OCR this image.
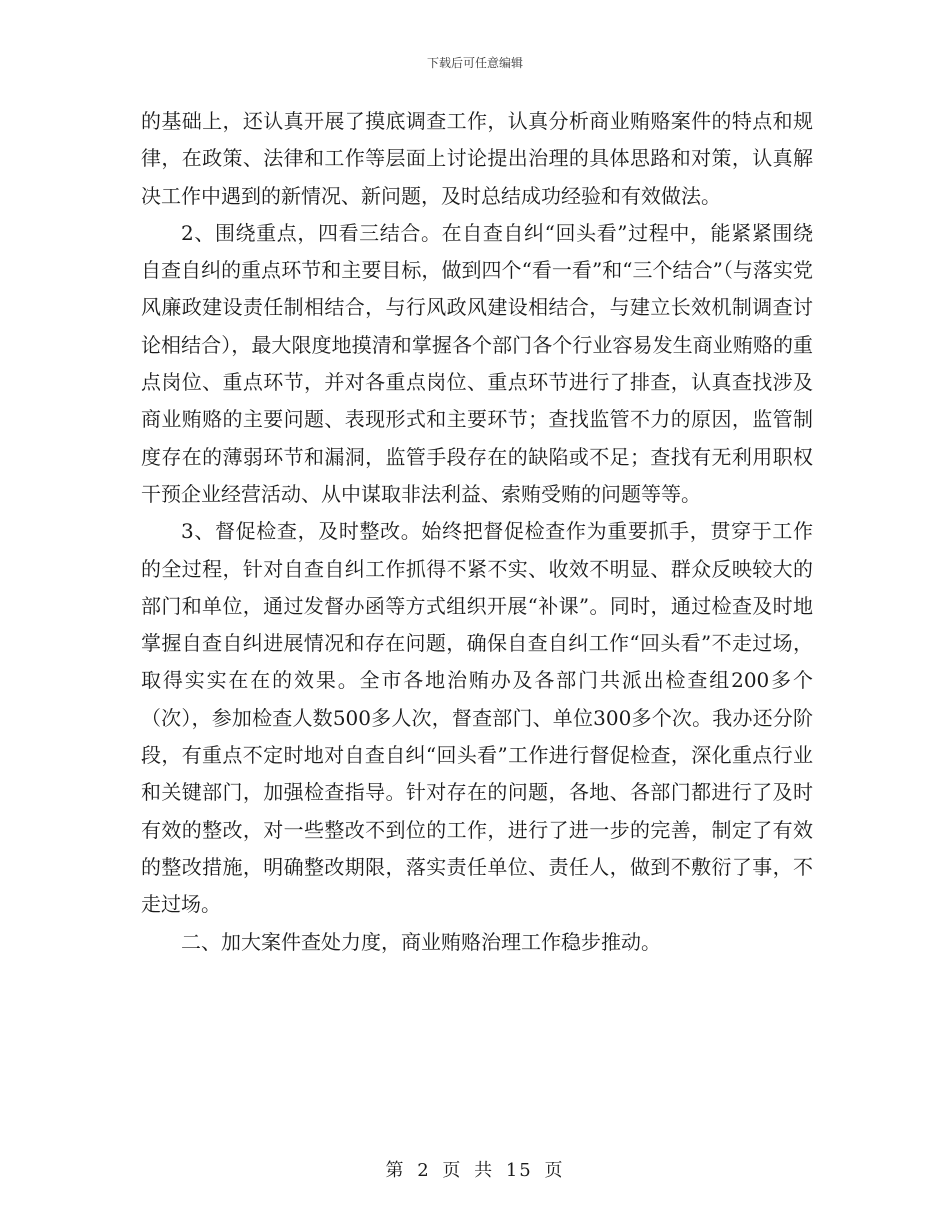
下载后可任意编辑

的基础上，还认真开展了摸底调查工作，认真分析商业贿赂案件的特点和规律，在政策、法律和工作等层面上讨论提出治理的具体思路和对策，认真解决工作中遇到的新情况、新问题，及时总结成功经验和有效做法。

2、围绕重点，四看三结合。在自查自纠“回头看”过程中，能紧紧围绕自查自纠的重点环节和主要目标，做到四个“看一看”和“三个结合”（与落实党风廉政建设责任制相结合，与行风政风建设相结合，与建立长效机制调查讨论相结合），最大限度地摸清和掌握各个部门各个行业容易发生商业贿赂的重点岗位、重点环节，并对各重点岗位、重点环节进行了排查，认真查找涉及商业贿赂的主要问题、表现形式和主要环节；查找监管不力的原因，监管制度存在的薄弱环节和漏洞，监管手段存在的缺陷或不足；查找有无利用职权干预企业经营活动、从中谋取非法利益、索贿受贿的问题等等。

3、督促检查，及时整改。始终把督促检查作为重要抓手，贯穿于工作的全过程，针对自查自纠工作抓得不紧不实、收效不明显、群众反映较大的部门和单位，通过发督办函等方式组织开展“补课”。同时，通过检查及时地掌握自查自纠进展情况和存在问题，确保自查自纠工作“回头看”不走过场，取得实实在在的效果。全市各地治贿办及各部门共派出检查组200多个（次），参加检查人数500多人次，督查部门、单位300多个次。我办还分阶段，有重点不定时地对自查自纠“回头看”工作进行督促检查，深化重点行业和关键部门，加强检查指导。针对存在的问题，各地、各部门都进行了及时有效的整改，对一些整改不到位的工作，进行了进一步的完善，制定了有效的整改措施，明确整改期限，落实责任单位、责任人，做到不敷衍了事，不走过场。

二、加大案件查处力度，商业贿赂治理工作稳步推动。

第 2 页 共 15 页
